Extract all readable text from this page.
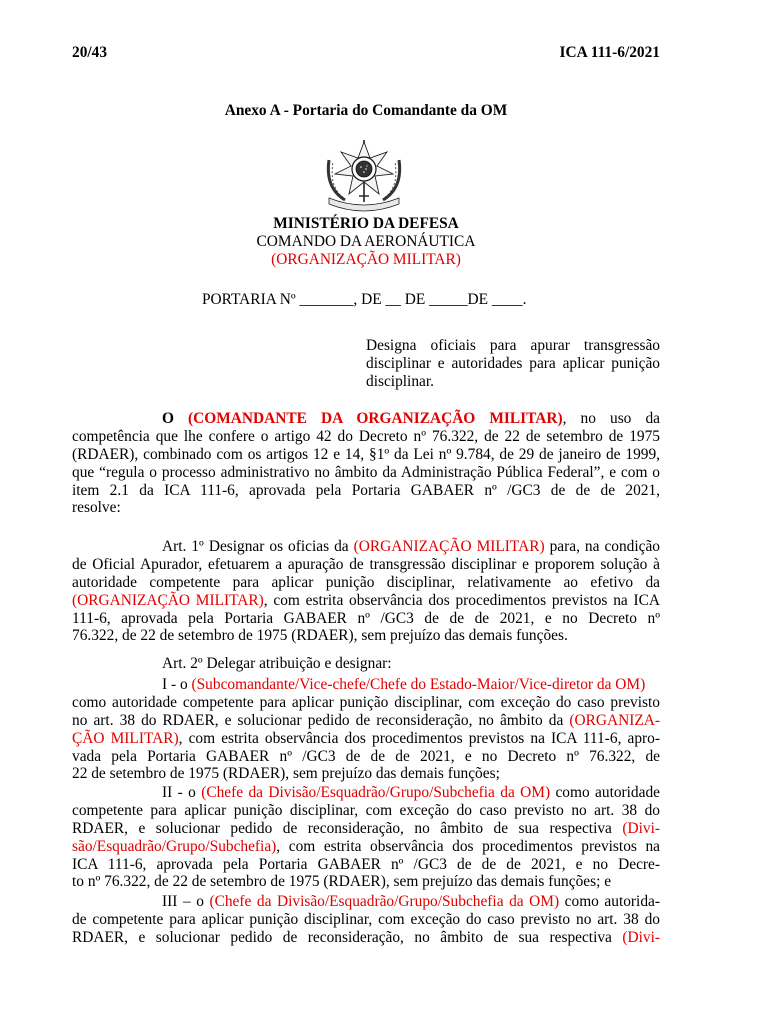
20/43	ICA 111-6/2021
Anexo A - Portaria do Comandante da OM
MINISTÉRIO DA DEFESA
COMANDO DA AERONÁUTICA
(ORGANIZAÇÃO MILITAR)
PORTARIA Nº _______, DE __ DE _____DE ____.
Designa oficiais para apurar transgressão disciplinar e autoridades para aplicar punição disciplinar.
O (COMANDANTE DA ORGANIZAÇÃO MILITAR), no uso da
competência que lhe confere o artigo 42 do Decreto nº 76.322, de 22 de setembro de 1975
(RDAER), combinado com os artigos 12 e 14, §1º da Lei nº 9.784, de 29 de janeiro de 1999,
que “regula o processo administrativo no âmbito da Administração Pública Federal”, e com o
item 2.1 da ICA 111-6, aprovada pela Portaria GABAER nº /GC3 de de de 2021,
resolve:
Art. 1º Designar os oficias da (ORGANIZAÇÃO MILITAR) para, na condição
de Oficial Apurador, efetuarem a apuração de transgressão disciplinar e proporem solução à
autoridade competente para aplicar punição disciplinar, relativamente ao efetivo da
(ORGANIZAÇÃO MILITAR), com estrita observância dos procedimentos previstos na ICA
111-6, aprovada pela Portaria GABAER nº /GC3 de de de 2021, e no Decreto nº
76.322, de 22 de setembro de 1975 (RDAER), sem prejuízo das demais funções.
Art. 2º Delegar atribuição e designar:
I - o (Subcomandante/Vice-chefe/Chefe do Estado-Maior/Vice-diretor da OM)
como autoridade competente para aplicar punição disciplinar, com exceção do caso previsto
no art. 38 do RDAER, e solucionar pedido de reconsideração, no âmbito da (ORGANIZA-
ÇÃO MILITAR), com estrita observância dos procedimentos previstos na ICA 111-6, apro-
vada pela Portaria GABAER nº /GC3 de de de 2021, e no Decreto nº 76.322, de
22 de setembro de 1975 (RDAER), sem prejuízo das demais funções;
II - o (Chefe da Divisão/Esquadrão/Grupo/Subchefia da OM) como autoridade
competente para aplicar punição disciplinar, com exceção do caso previsto no art. 38 do
RDAER, e solucionar pedido de reconsideração, no âmbito de sua respectiva (Divi-
são/Esquadrão/Grupo/Subchefia), com estrita observância dos procedimentos previstos na
ICA 111-6, aprovada pela Portaria GABAER nº /GC3 de de de 2021, e no Decre-
to nº 76.322, de 22 de setembro de 1975 (RDAER), sem prejuízo das demais funções; e
III – o (Chefe da Divisão/Esquadrão/Grupo/Subchefia da OM) como autorida-
de competente para aplicar punição disciplinar, com exceção do caso previsto no art. 38 do
RDAER, e solucionar pedido de reconsideração, no âmbito de sua respectiva (Divi-
